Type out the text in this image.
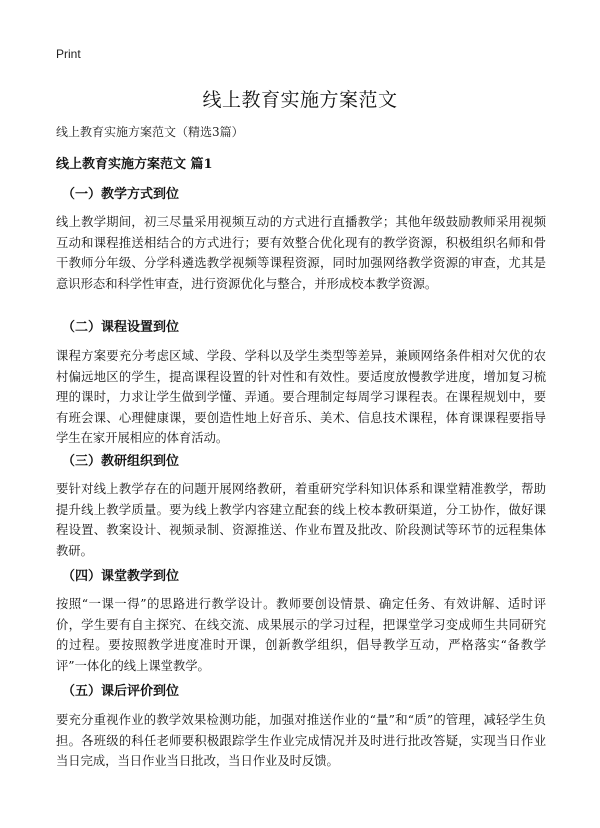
Print
线上教育实施方案范文
线上教育实施方案范文（精选3篇）
线上教育实施方案范文 篇1
（一）教学方式到位
线上教学期间，初三尽量采用视频互动的方式进行直播教学；其他年级鼓励教师采用视频互动和课程推送相结合的方式进行；要有效整合优化现有的教学资源，积极组织名师和骨干教师分年级、分学科遴选教学视频等课程资源，同时加强网络教学资源的审查，尤其是意识形态和科学性审查，进行资源优化与整合，并形成校本教学资源。
（二）课程设置到位
课程方案要充分考虑区域、学段、学科以及学生类型等差异，兼顾网络条件相对欠优的农村偏远地区的学生，提高课程设置的针对性和有效性。要适度放慢教学进度，增加复习梳理的课时，力求让学生做到学懂、弄通。要合理制定每周学习课程表。在课程规划中，要有班会课、心理健康课，要创造性地上好音乐、美术、信息技术课程，体育课课程要指导学生在家开展相应的体育活动。
（三）教研组织到位
要针对线上教学存在的问题开展网络教研，着重研究学科知识体系和课堂精准教学，帮助提升线上教学质量。要为线上教学内容建立配套的线上校本教研渠道，分工协作，做好课程设置、教案设计、视频录制、资源推送、作业布置及批改、阶段测试等环节的远程集体教研。
（四）课堂教学到位
按照“一课一得”的思路进行教学设计。教师要创设情景、确定任务、有效讲解、适时评价，学生要有自主探究、在线交流、成果展示的学习过程，把课堂学习变成师生共同研究的过程。要按照教学进度准时开课，创新教学组织，倡导教学互动，严格落实“备教学评”一体化的线上课堂教学。
（五）课后评价到位
要充分重视作业的教学效果检测功能，加强对推送作业的“量”和“质”的管理，减轻学生负担。各班级的科任老师要积极跟踪学生作业完成情况并及时进行批改答疑，实现当日作业当日完成，当日作业当日批改，当日作业及时反馈。
